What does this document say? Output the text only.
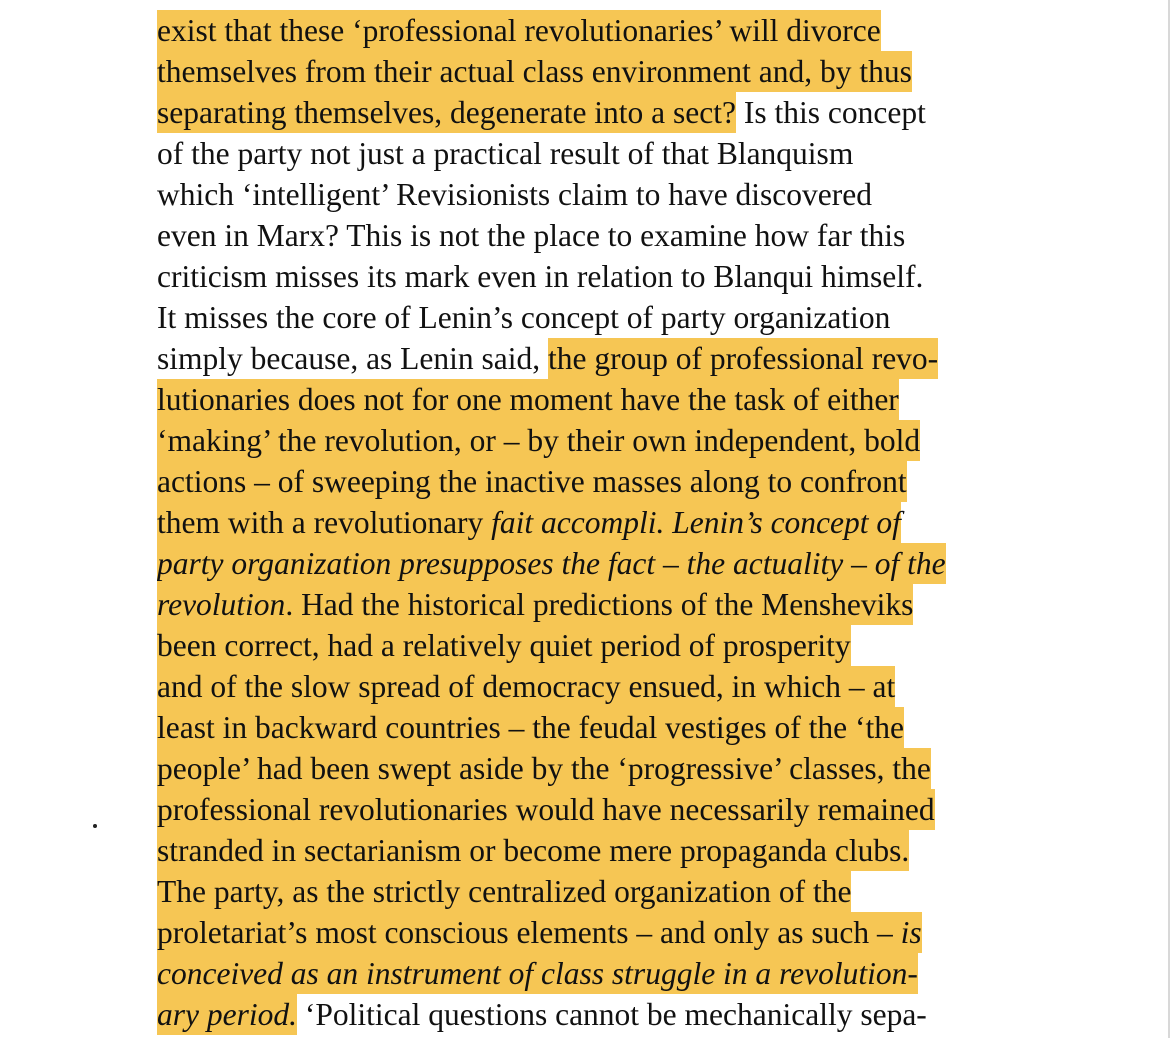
exist that these ‘professional revolutionaries’ will divorce
themselves from their actual class environment and, by thus
separating themselves, degenerate into a sect? Is this concept
of the party not just a practical result of that Blanquism
which ‘intelligent’ Revisionists claim to have discovered
even in Marx? This is not the place to examine how far this
criticism misses its mark even in relation to Blanqui himself.
It misses the core of Lenin’s concept of party organization
simply because, as Lenin said, the group of professional revo-
lutionaries does not for one moment have the task of either
‘making’ the revolution, or – by their own independent, bold
actions – of sweeping the inactive masses along to confront
them with a revolutionary fait accompli. Lenin’s concept of
party organization presupposes the fact – the actuality – of the
revolution. Had the historical predictions of the Mensheviks
been correct, had a relatively quiet period of prosperity
and of the slow spread of democracy ensued, in which – at
least in backward countries – the feudal vestiges of the ‘the
people’ had been swept aside by the ‘progressive’ classes, the
professional revolutionaries would have necessarily remained
stranded in sectarianism or become mere propaganda clubs.
The party, as the strictly centralized organization of the
proletariat’s most conscious elements – and only as such – is
conceived as an instrument of class struggle in a revolution-
ary period. ‘Political questions cannot be mechanically sepa-
